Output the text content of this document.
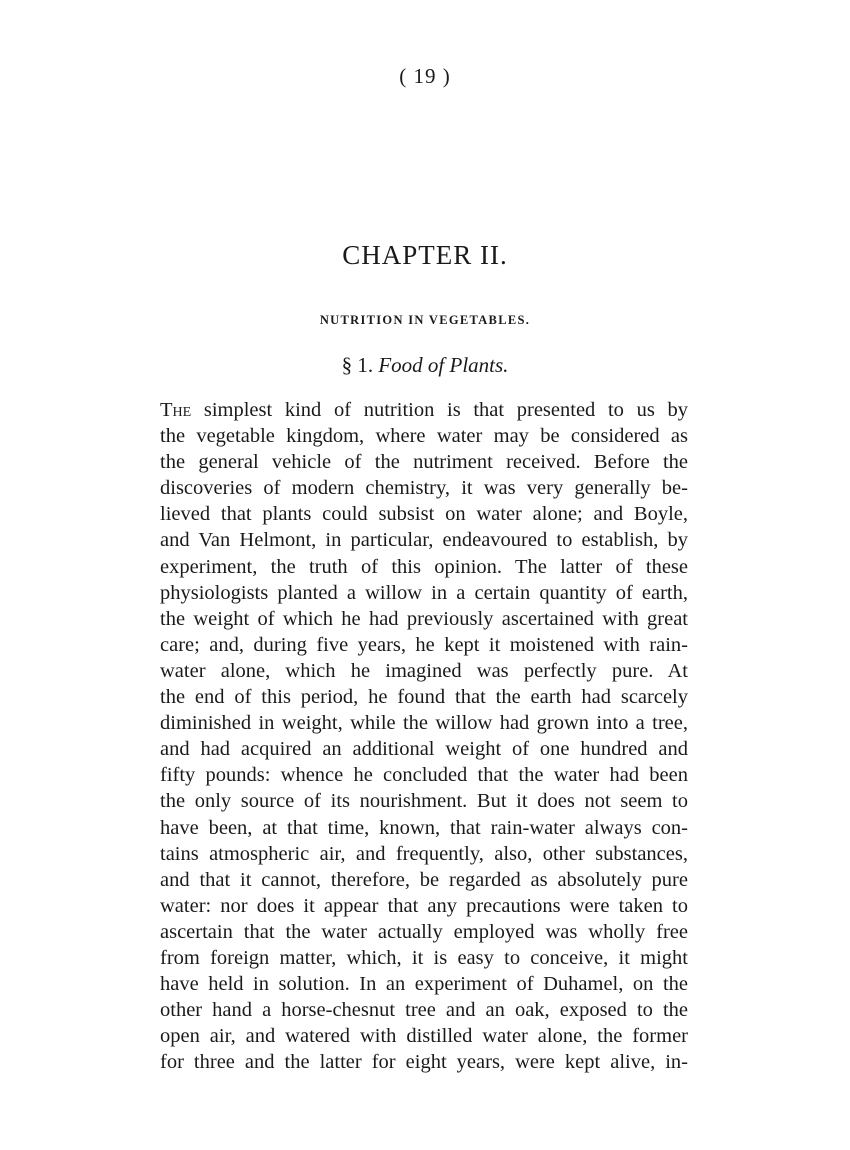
( 19 )
CHAPTER II.
NUTRITION IN VEGETABLES.
§ 1. Food of Plants.
The simplest kind of nutrition is that presented to us by
the vegetable kingdom, where water may be considered as
the general vehicle of the nutriment received. Before the
discoveries of modern chemistry, it was very generally be-
lieved that plants could subsist on water alone; and Boyle,
and Van Helmont, in particular, endeavoured to establish, by
experiment, the truth of this opinion. The latter of these
physiologists planted a willow in a certain quantity of earth,
the weight of which he had previously ascertained with great
care; and, during five years, he kept it moistened with rain-
water alone, which he imagined was perfectly pure. At
the end of this period, he found that the earth had scarcely
diminished in weight, while the willow had grown into a tree,
and had acquired an additional weight of one hundred and
fifty pounds: whence he concluded that the water had been
the only source of its nourishment. But it does not seem to
have been, at that time, known, that rain-water always con-
tains atmospheric air, and frequently, also, other substances,
and that it cannot, therefore, be regarded as absolutely pure
water: nor does it appear that any precautions were taken to
ascertain that the water actually employed was wholly free
from foreign matter, which, it is easy to conceive, it might
have held in solution. In an experiment of Duhamel, on the
other hand a horse-chesnut tree and an oak, exposed to the
open air, and watered with distilled water alone, the former
for three and the latter for eight years, were kept alive, in-
